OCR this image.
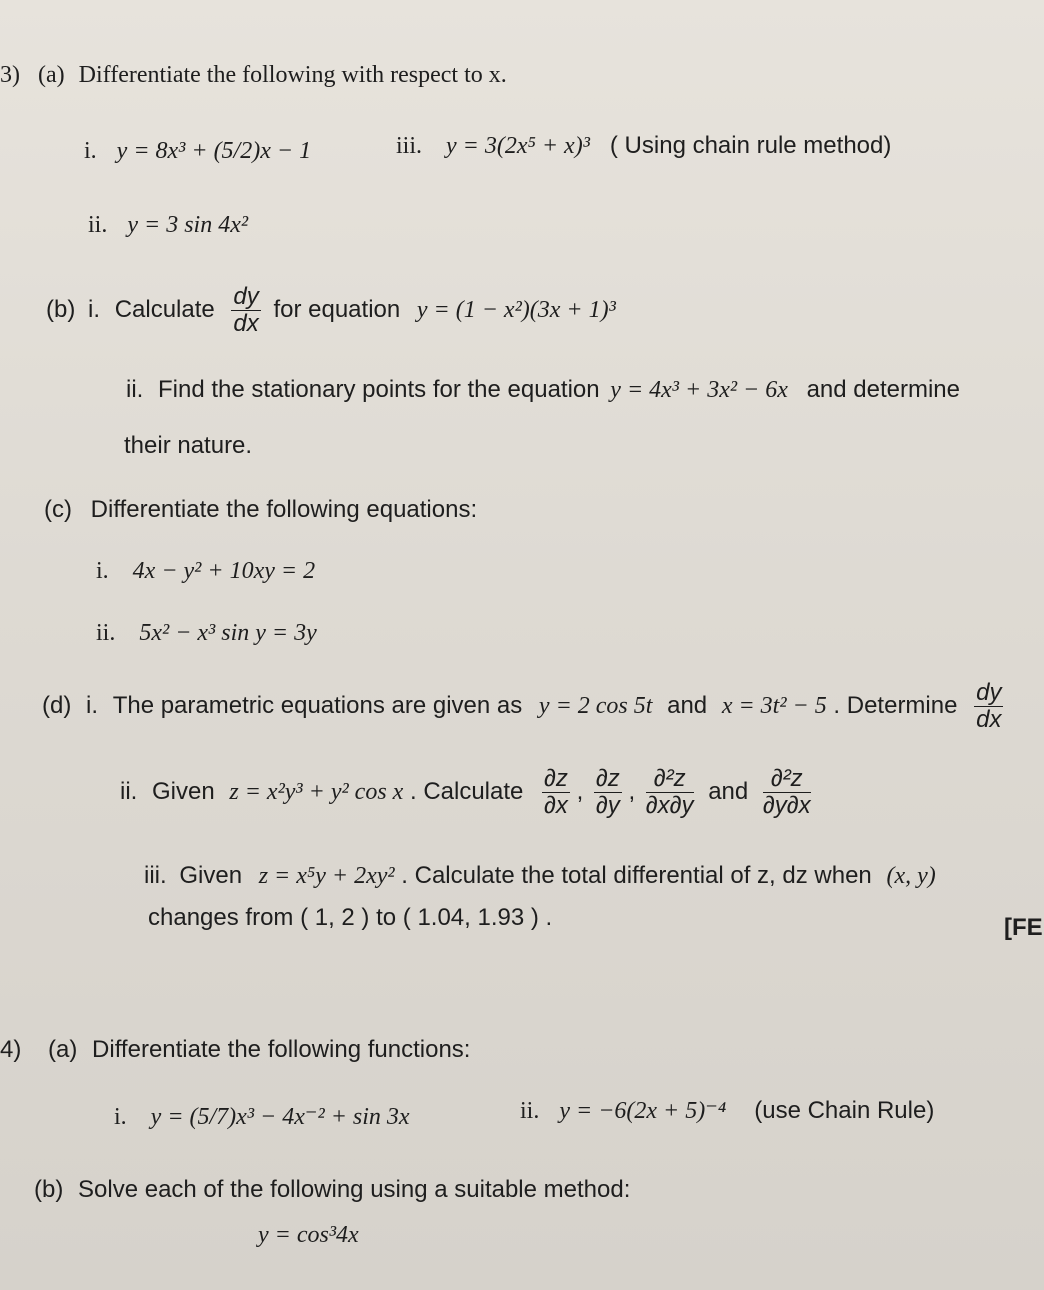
3) (a) Differentiate the following with respect to x.
i. y = 8x³ + (5/2)x − 1	iii. y = 3(2x⁵ + x)³ ( Using chain rule method)
ii. y = 3 sin 4x²
(b) i. Calculate $\frac{dy}{dx}$ for equation y = (1 − x²)(3x + 1)³
ii. Find the stationary points for the equation y = 4x³ + 3x² − 6x and determine
their nature.
(c) Differentiate the following equations:
i. 4x − y² + 10xy = 2
ii. 5x² − x³ sin y = 3y
(d) i. The parametric equations are given as y = 2 cos 5t and x = 3t² − 5 . Determine $\frac{dy}{dx}$
ii. Given z = x²y³ + y² cos x . Calculate $\frac{\partial z}{\partial x}$ , $\frac{\partial z}{\partial y}$ , $\frac{\text{∂²z}}{\partial x\partial y}$ and $\frac{\text{∂²z}}{\partial y\partial x}$
iii. Given z = x⁵y + 2xy² . Calculate the total differential of z, dz when (x, y)
changes from ( 1, 2 ) to ( 1.04, 1.93 ) .	[FE
4) (a) Differentiate the following functions:
i. y = (5/7)x³ − 4x⁻² + sin 3x	ii. y = −6(2x + 5)⁻⁴ (use Chain Rule)
(b) Solve each of the following using a suitable method:
y = cos³4x
